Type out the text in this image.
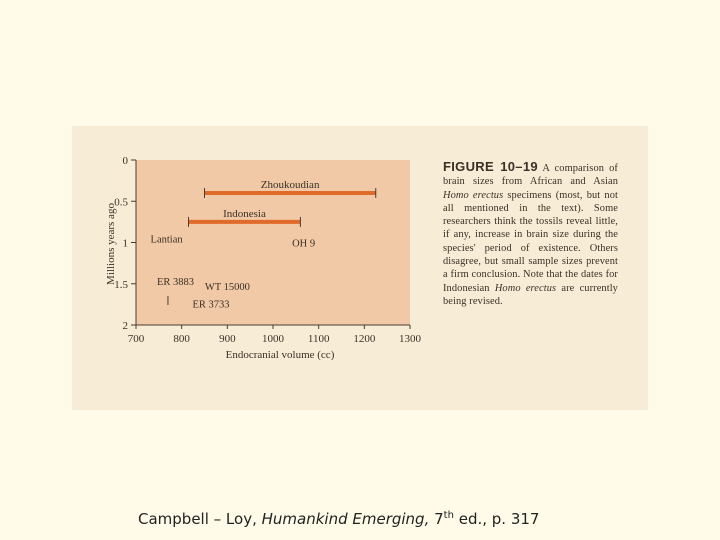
0
0.5
1
1.5
2
700	800	900 1000 1100 1200 1300
Zhoukoudian
Indonesia
Lantian	OH 9
ER 3883 WT 15000
ER 3733
Endocranial volume (cc)
Millions years ago
FIGURE 10–19 A comparison of brain sizes from African and Asian Homo erectus specimens (most, but not all mentioned in the text). Some researchers think the tossils reveal little, if any, increase in brain size during the species' period of existence. Others disagree, but small sample sizes prevent a firm conclusion. Note that the dates for Indonesian Homo erectus are currently being revised.
Campbell – Loy, Humankind Emerging, 7th ed., p. 317
